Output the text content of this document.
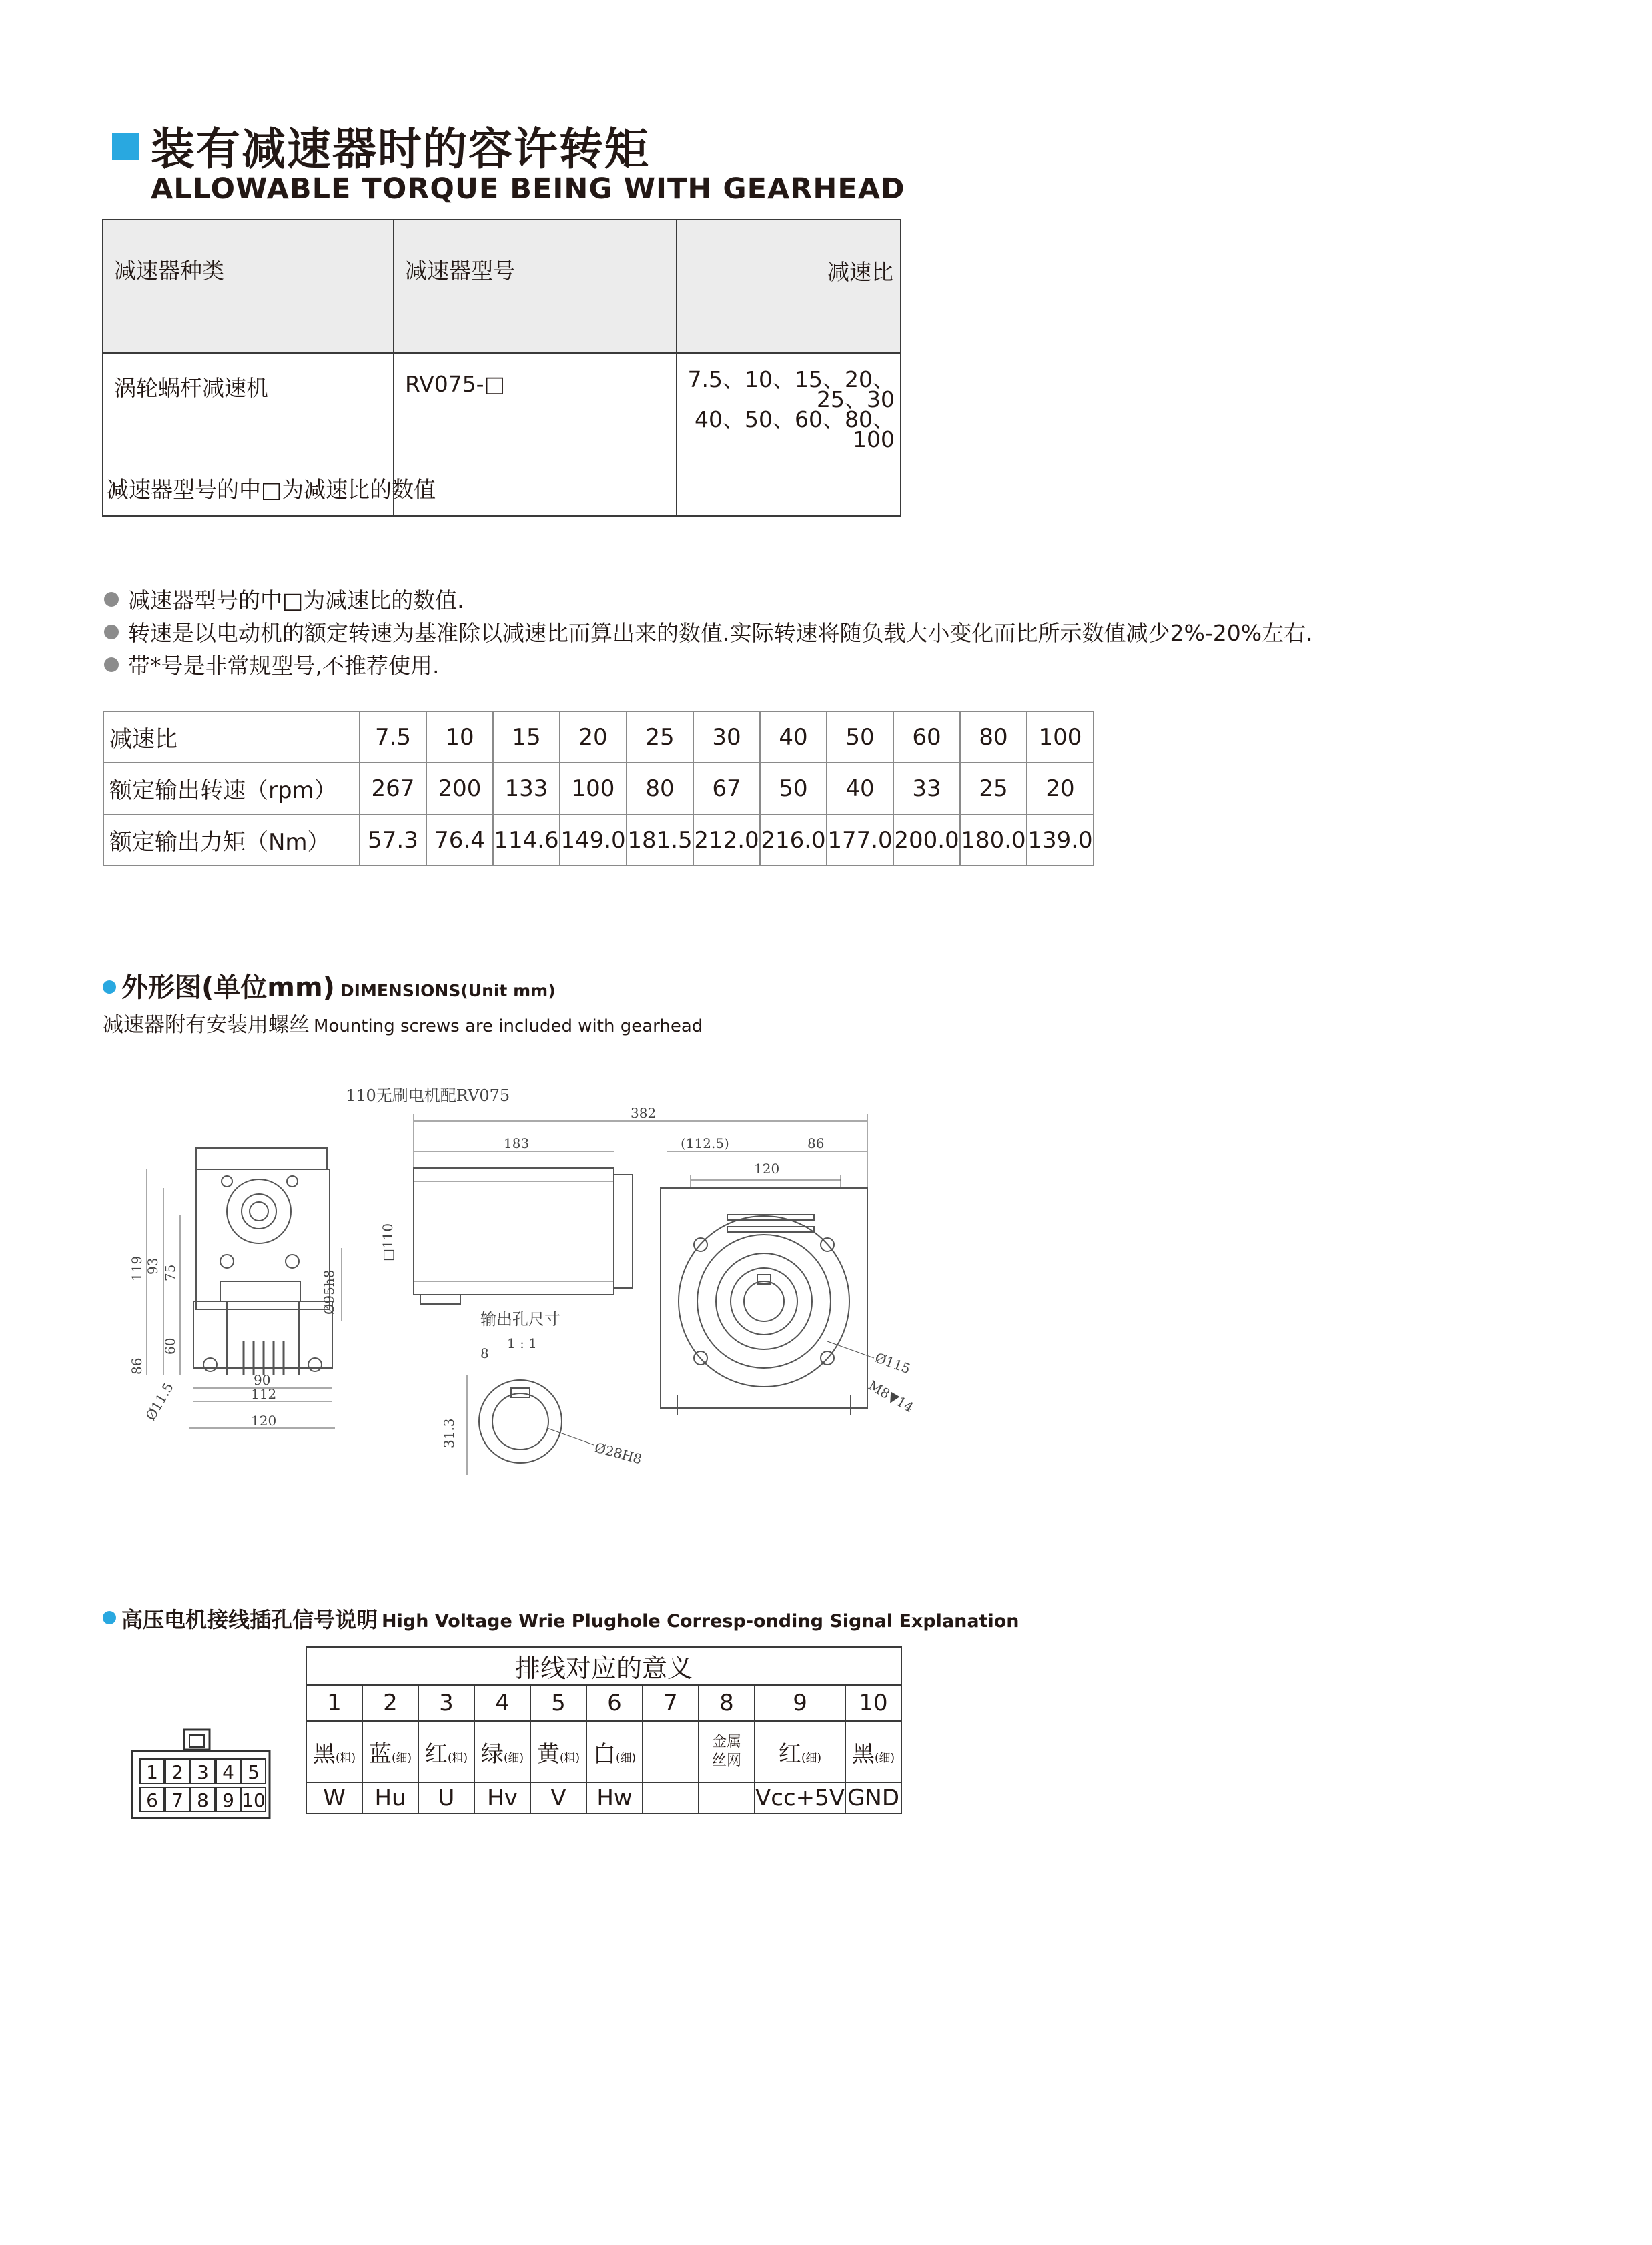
装有减速器时的容许转矩
ALLOWABLE TORQUE BEING WITH GEARHEAD
减速器种类	减速器型号	减速比
涡轮蜗杆减速机	RV075-□	7.5、10、15、20、25、30
40、50、60、80、100
减速器型号的中□为减速比的数值
减速器型号的中□为减速比的数值.
转速是以电动机的额定转速为基准除以减速比而算出来的数值.实际转速将随负载大小变化而比所示数值减少2%-20%左右.
带*号是非常规型号,不推荐使用.
减速比	7.5	10	15	20	25	30	40	50	60	80	100
额定输出转速（rpm）	267	200	133	100	80	67	50	40	33	25	20
额定输出力矩（Nm）	57.3	76.4	114.6	149.0	181.5	212.0	216.0	177.0	200.0	180.0	139.0
外形图(单位mm) DIMENSIONS(Unit mm)
减速器附有安装用螺丝 Mounting screws are included with gearhead
110无刷电机配RV075
119 93 75
60
86
Ø95h8
90
112
120
Ø11.5
382
183	(112.5)	86
120
□110
Ø115
M8▼14
输出孔尺寸
8
1 : 1
31.3
Ø28H8
高压电机接线插孔信号说明 High Voltage Wrie Plughole Corresp-onding Signal Explanation
1 2 3 4 5
6 7 8 9 10
排线对应的意义									
1	2	3	4	5	6	7	8	9	10
黑(粗)	蓝(细)	红(粗)	绿(细)	黄(粗)	白(细)		金属丝网	红(细)	黑(细)
W	Hu	U	Hv	V	Hw			Vcc+5V	GND
